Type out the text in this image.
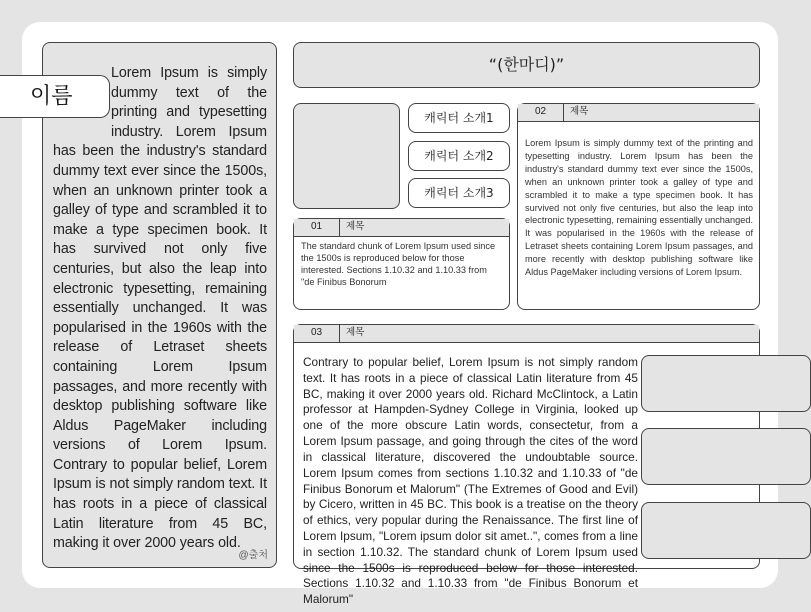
Lorem Ipsum is simply dummy text of the printing and typesetting industry. Lorem Ipsum has been the industry's standard dummy text ever since the 1500s, when an unknown printer took a galley of type and scrambled it to make a type specimen book. It has survived not only five centuries, but also the leap into electronic typesetting, remaining essentially unchanged. It was popularised in the 1960s with the release of Letraset sheets containing Lorem Ipsum passages, and more recently with desktop publishing software like Aldus PageMaker including versions of Lorem Ipsum. Contrary to popular belief, Lorem Ipsum is not simply random text. It has roots in a piece of classical Latin literature from 45 BC, making it over 2000 years old.
@출처
이름
“(한마디)”
캐릭터 소개1
캐릭터 소개2
캐릭터 소개3
01	제목
The standard chunk of Lorem Ipsum used since the 1500s is reproduced below for those interested. Sections 1.10.32 and 1.10.33 from "de Finibus Bonorum
02	제목
Lorem Ipsum is simply dummy text of the printing and typesetting industry. Lorem Ipsum has been the industry's standard dummy text ever since the 1500s, when an unknown printer took a galley of type and scrambled it to make a type specimen book. It has survived not only five centuries, but also the leap into electronic typesetting, remaining essentially unchanged. It was popularised in the 1960s with the release of Letraset sheets containing Lorem Ipsum passages, and more recently with desktop publishing software like Aldus PageMaker including versions of Lorem Ipsum.
03	제목
Contrary to popular belief, Lorem Ipsum is not simply random text. It has roots in a piece of classical Latin literature from 45 BC, making it over 2000 years old. Richard McClintock, a Latin professor at Hampden-Sydney College in Virginia, looked up one of the more obscure Latin words, consectetur, from a Lorem Ipsum passage, and going through the cites of the word in classical literature, discovered the undoubtable source. Lorem Ipsum comes from sections 1.10.32 and 1.10.33 of "de Finibus Bonorum et Malorum" (The Extremes of Good and Evil) by Cicero, written in 45 BC. This book is a treatise on the theory of ethics, very popular during the Renaissance. The first line of Lorem Ipsum, "Lorem ipsum dolor sit amet..", comes from a line in section 1.10.32. The standard chunk of Lorem Ipsum used since the 1500s is reproduced below for those interested. Sections 1.10.32 and 1.10.33 from "de Finibus Bonorum et Malorum"
